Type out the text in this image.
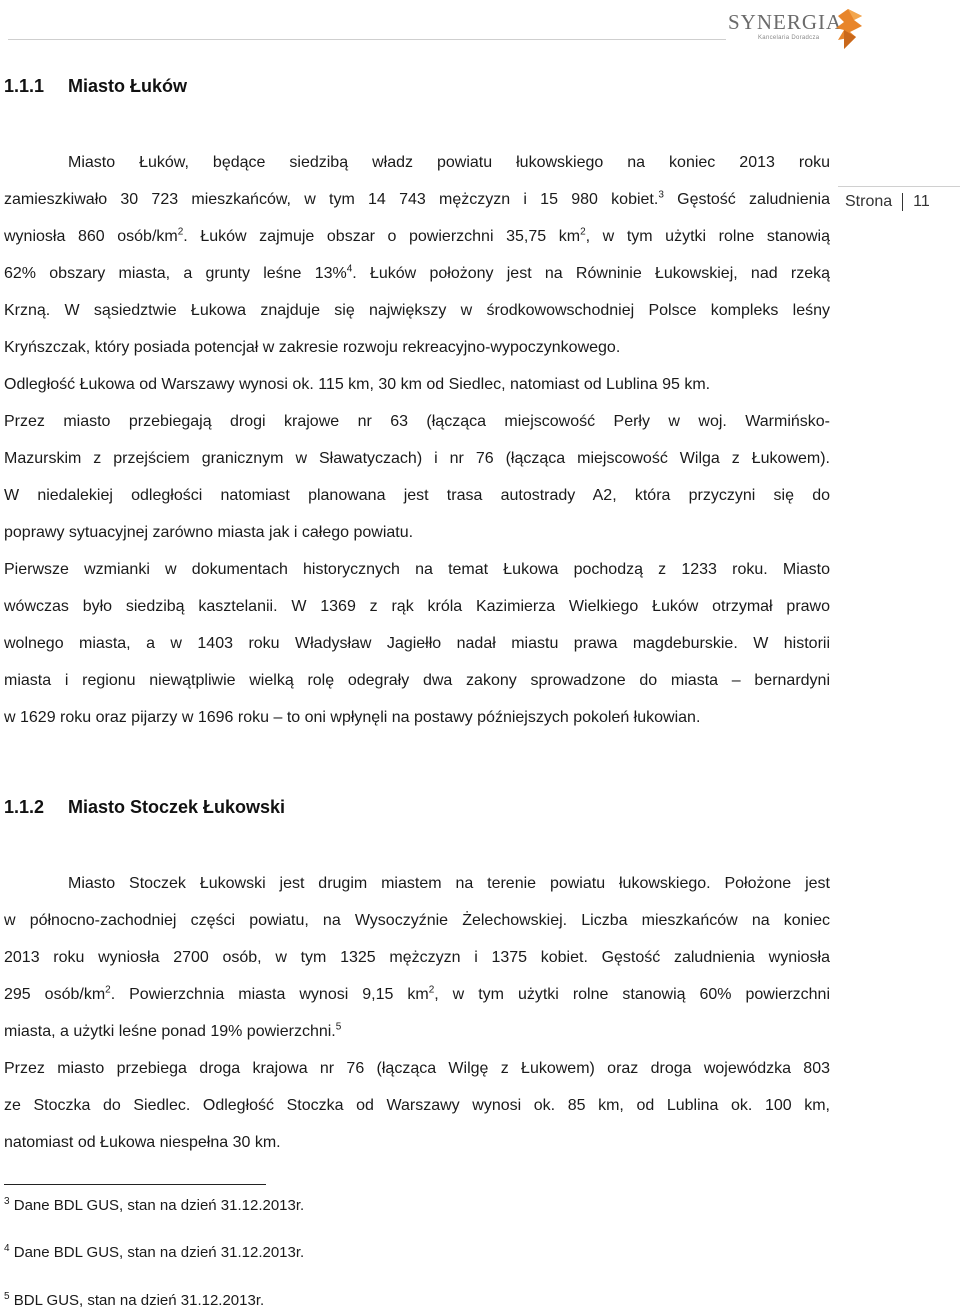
SYNERGIA
Kancelaria Doradcza
Strona 11
1.1.1 Miasto Łuków
Miasto Łuków, będące siedzibą władz powiatu łukowskiego na koniec 2013 roku
zamieszkiwało 30 723 mieszkańców, w tym 14 743 mężczyzn i 15 980 kobiet.$^3$ Gęstość zaludnienia
wyniosła 860 osób/$km^2$. Łuków zajmuje obszar o powierzchni 35,75 $km^2$, w tym użytki rolne stanowią
62% obszary miasta, a grunty leśne 13%$^4$. Łuków położony jest na Równinie Łukowskiej, nad rzeką
Krzną. W sąsiedztwie Łukowa znajduje się największy w środkowowschodniej Polsce kompleks leśny
Kryńszczak, który posiada potencjał w zakresie rozwoju rekreacyjno-wypoczynkowego.
Odległość Łukowa od Warszawy wynosi ok. 115 km, 30 km od Siedlec, natomiast od Lublina 95 km.
Przez miasto przebiegają drogi krajowe nr 63 (łącząca miejscowość Perły w woj. Warmińsko-
Mazurskim z przejściem granicznym w Sławatyczach) i nr 76 (łącząca miejscowość Wilga z Łukowem).
W niedalekiej odległości natomiast planowana jest trasa autostrady A2, która przyczyni się do
poprawy sytuacyjnej zarówno miasta jak i całego powiatu.
Pierwsze wzmianki w dokumentach historycznych na temat Łukowa pochodzą z 1233 roku. Miasto
wówczas było siedzibą kasztelanii. W 1369 z rąk króla Kazimierza Wielkiego Łuków otrzymał prawo
wolnego miasta, a w 1403 roku Władysław Jagiełło nadał miastu prawa magdeburskie. W historii
miasta i regionu niewątpliwie wielką rolę odegrały dwa zakony sprowadzone do miasta – bernardyni
w 1629 roku oraz pijarzy w 1696 roku – to oni wpłynęli na postawy późniejszych pokoleń łukowian.
1.1.2 Miasto Stoczek Łukowski
Miasto Stoczek Łukowski jest drugim miastem na terenie powiatu łukowskiego. Położone jest
w północno-zachodniej części powiatu, na Wysoczyźnie Żelechowskiej. Liczba mieszkańców na koniec
2013 roku wyniosła 2700 osób, w tym 1325 mężczyzn i 1375 kobiet. Gęstość zaludnienia wyniosła
295 osób/$km^2$. Powierzchnia miasta wynosi 9,15 $km^2$, w tym użytki rolne stanowią 60% powierzchni
miasta, a użytki leśne ponad 19% powierzchni.$^5$
Przez miasto przebiega droga krajowa nr 76 (łącząca Wilgę z Łukowem) oraz droga wojewódzka 803
ze Stoczka do Siedlec. Odległość Stoczka od Warszawy wynosi ok. 85 km, od Lublina ok. 100 km,
natomiast od Łukowa niespełna 30 km.
$^3$ Dane BDL GUS, stan na dzień 31.12.2013r.
$^4$ Dane BDL GUS, stan na dzień 31.12.2013r.
$^5$ BDL GUS, stan na dzień 31.12.2013r.
